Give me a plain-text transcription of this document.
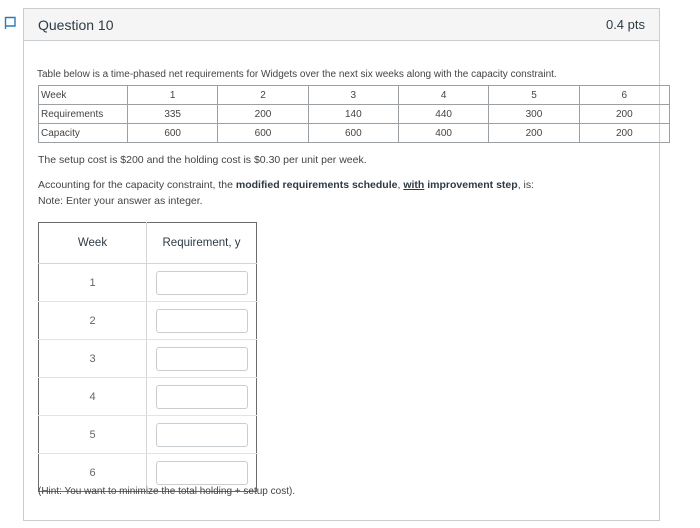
Question 10	0.4 pts
Table below is a time-phased net requirements for Widgets over the next six weeks along with the capacity constraint.
Week	1	2	3	4	5	6
Requirements	335	200	140	440	300	200
Capacity	600	600	600	400	200	200
The setup cost is $200 and the holding cost is $0.30 per unit per week.
Accounting for the capacity constraint, the modified requirements schedule, with improvement step, is:
Note: Enter your answer as integer.
Week	Requirement, y
1	
2	
3	
4	
5	
6	
(Hint: You want to minimize the total holding + setup cost).
